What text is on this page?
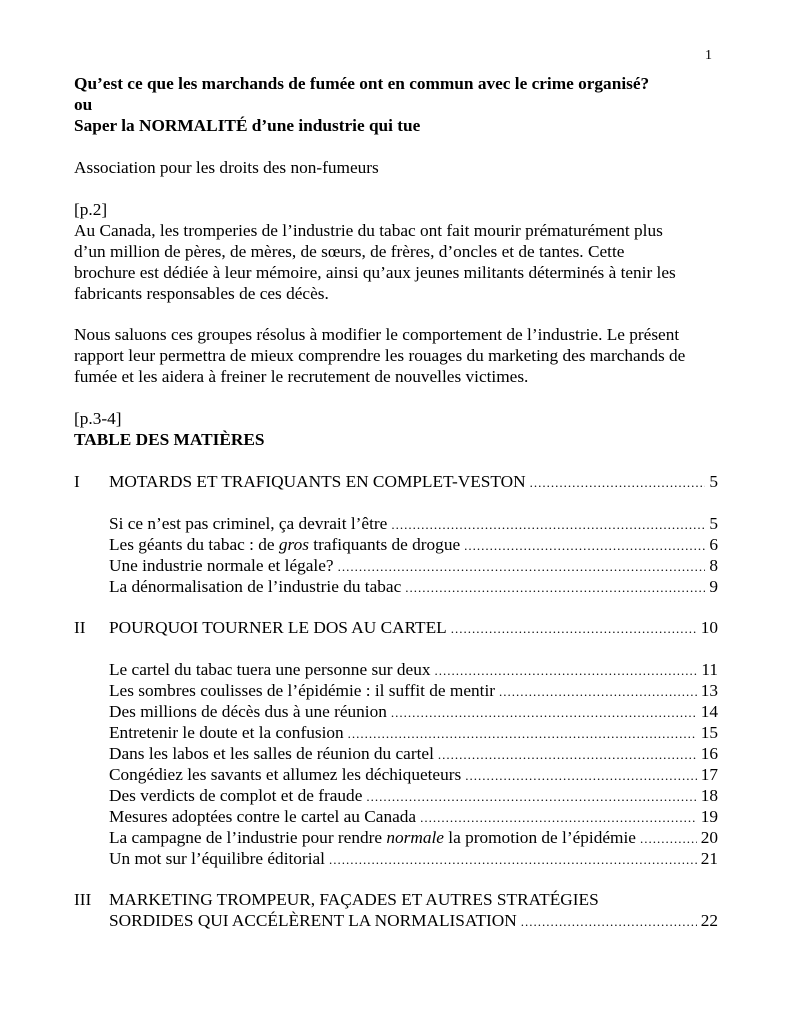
1
Qu’est ce que les marchands de fumée ont en commun avec le crime organisé?
ou
Saper la NORMALITÉ d’une industrie qui tue
Association pour les droits des non-fumeurs
[p.2]
Au Canada, les tromperies de l’industrie du tabac ont fait mourir prématurément plus
d’un million de pères, de mères, de sœurs, de frères, d’oncles et de tantes. Cette
brochure est dédiée à leur mémoire, ainsi qu’aux jeunes militants déterminés à tenir les
fabricants responsables de ces décès.
Nous saluons ces groupes résolus à modifier le comportement de l’industrie. Le présent
rapport leur permettra de mieux comprendre les rouages du marketing des marchands de
fumée et les aidera à freiner le recrutement de nouvelles victimes.
[p.3-4]
TABLE DES MATIÈRES
I MOTARDS ET TRAFIQUANTS EN COMPLET-VESTON .....	5
Si ce n’est pas criminel, ça devrait l’être .....	5
Les géants du tabac : de gros trafiquants de drogue .....	6
Une industrie normale et légale? .....	8
La dénormalisation de l’industrie du tabac .....	9
II POURQUOI TOURNER LE DOS AU CARTEL .....	10
Le cartel du tabac tuera une personne sur deux .....	11
Les sombres coulisses de l’épidémie : il suffit de mentir .....	13
Des millions de décès dus à une réunion .....	14
Entretenir le doute et la confusion .....	15
Dans les labos et les salles de réunion du cartel .....	16
Congédiez les savants et allumez les déchiqueteurs .....	17
Des verdicts de complot et de fraude .....	18
Mesures adoptées contre le cartel au Canada .....	19
La campagne de l’industrie pour rendre normale la promotion de l’épidémie .....	20
Un mot sur l’équilibre éditorial .....	21
III MARKETING TROMPEUR, FAÇADES ET AUTRES STRATÉGIES
SORDIDES QUI ACCÉLÈRENT LA NORMALISATION .....	22
